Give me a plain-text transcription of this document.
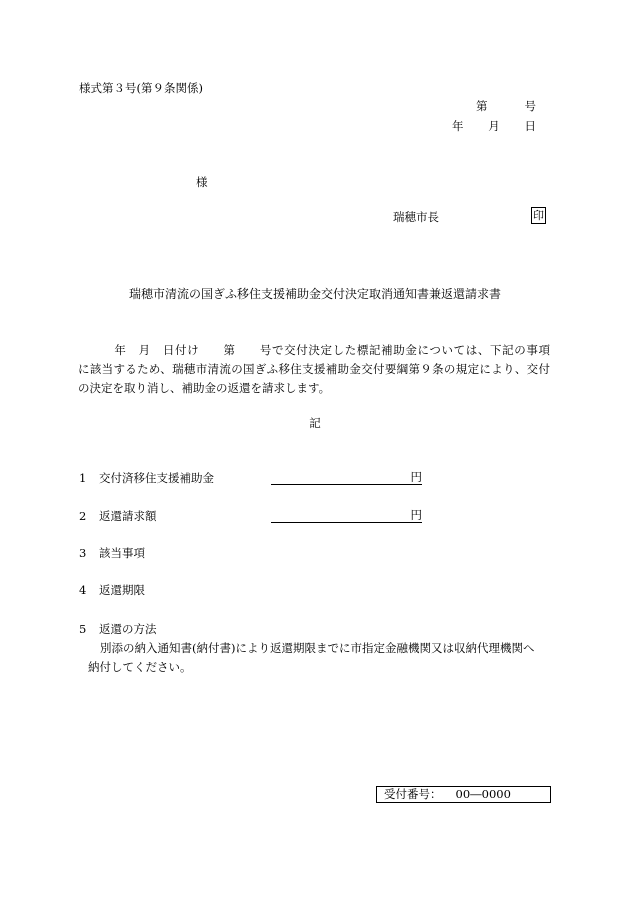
様式第３号(第９条関係)
第	号
年 月 日
様
瑞穂市長	印
瑞穂市清流の国ぎふ移住支援補助金交付決定取消通知書兼返還請求書

　　　年　月　日付け　　第　　号で交付決定した標記補助金については、下記の事項

に該当するため、瑞穂市清流の国ぎふ移住支援補助金交付要綱第９条の規定により、交付

の決定を取り消し、補助金の返還を請求します。

記
1 交付済移住支援補助金	円
2 返還請求額	円
3 該当事項
4 返還期限
5 返還の方法
別添の納入通知書(納付書)により返還期限までに市指定金融機関又は収納代理機関へ
納付してください。
受付番号： 00―0000
